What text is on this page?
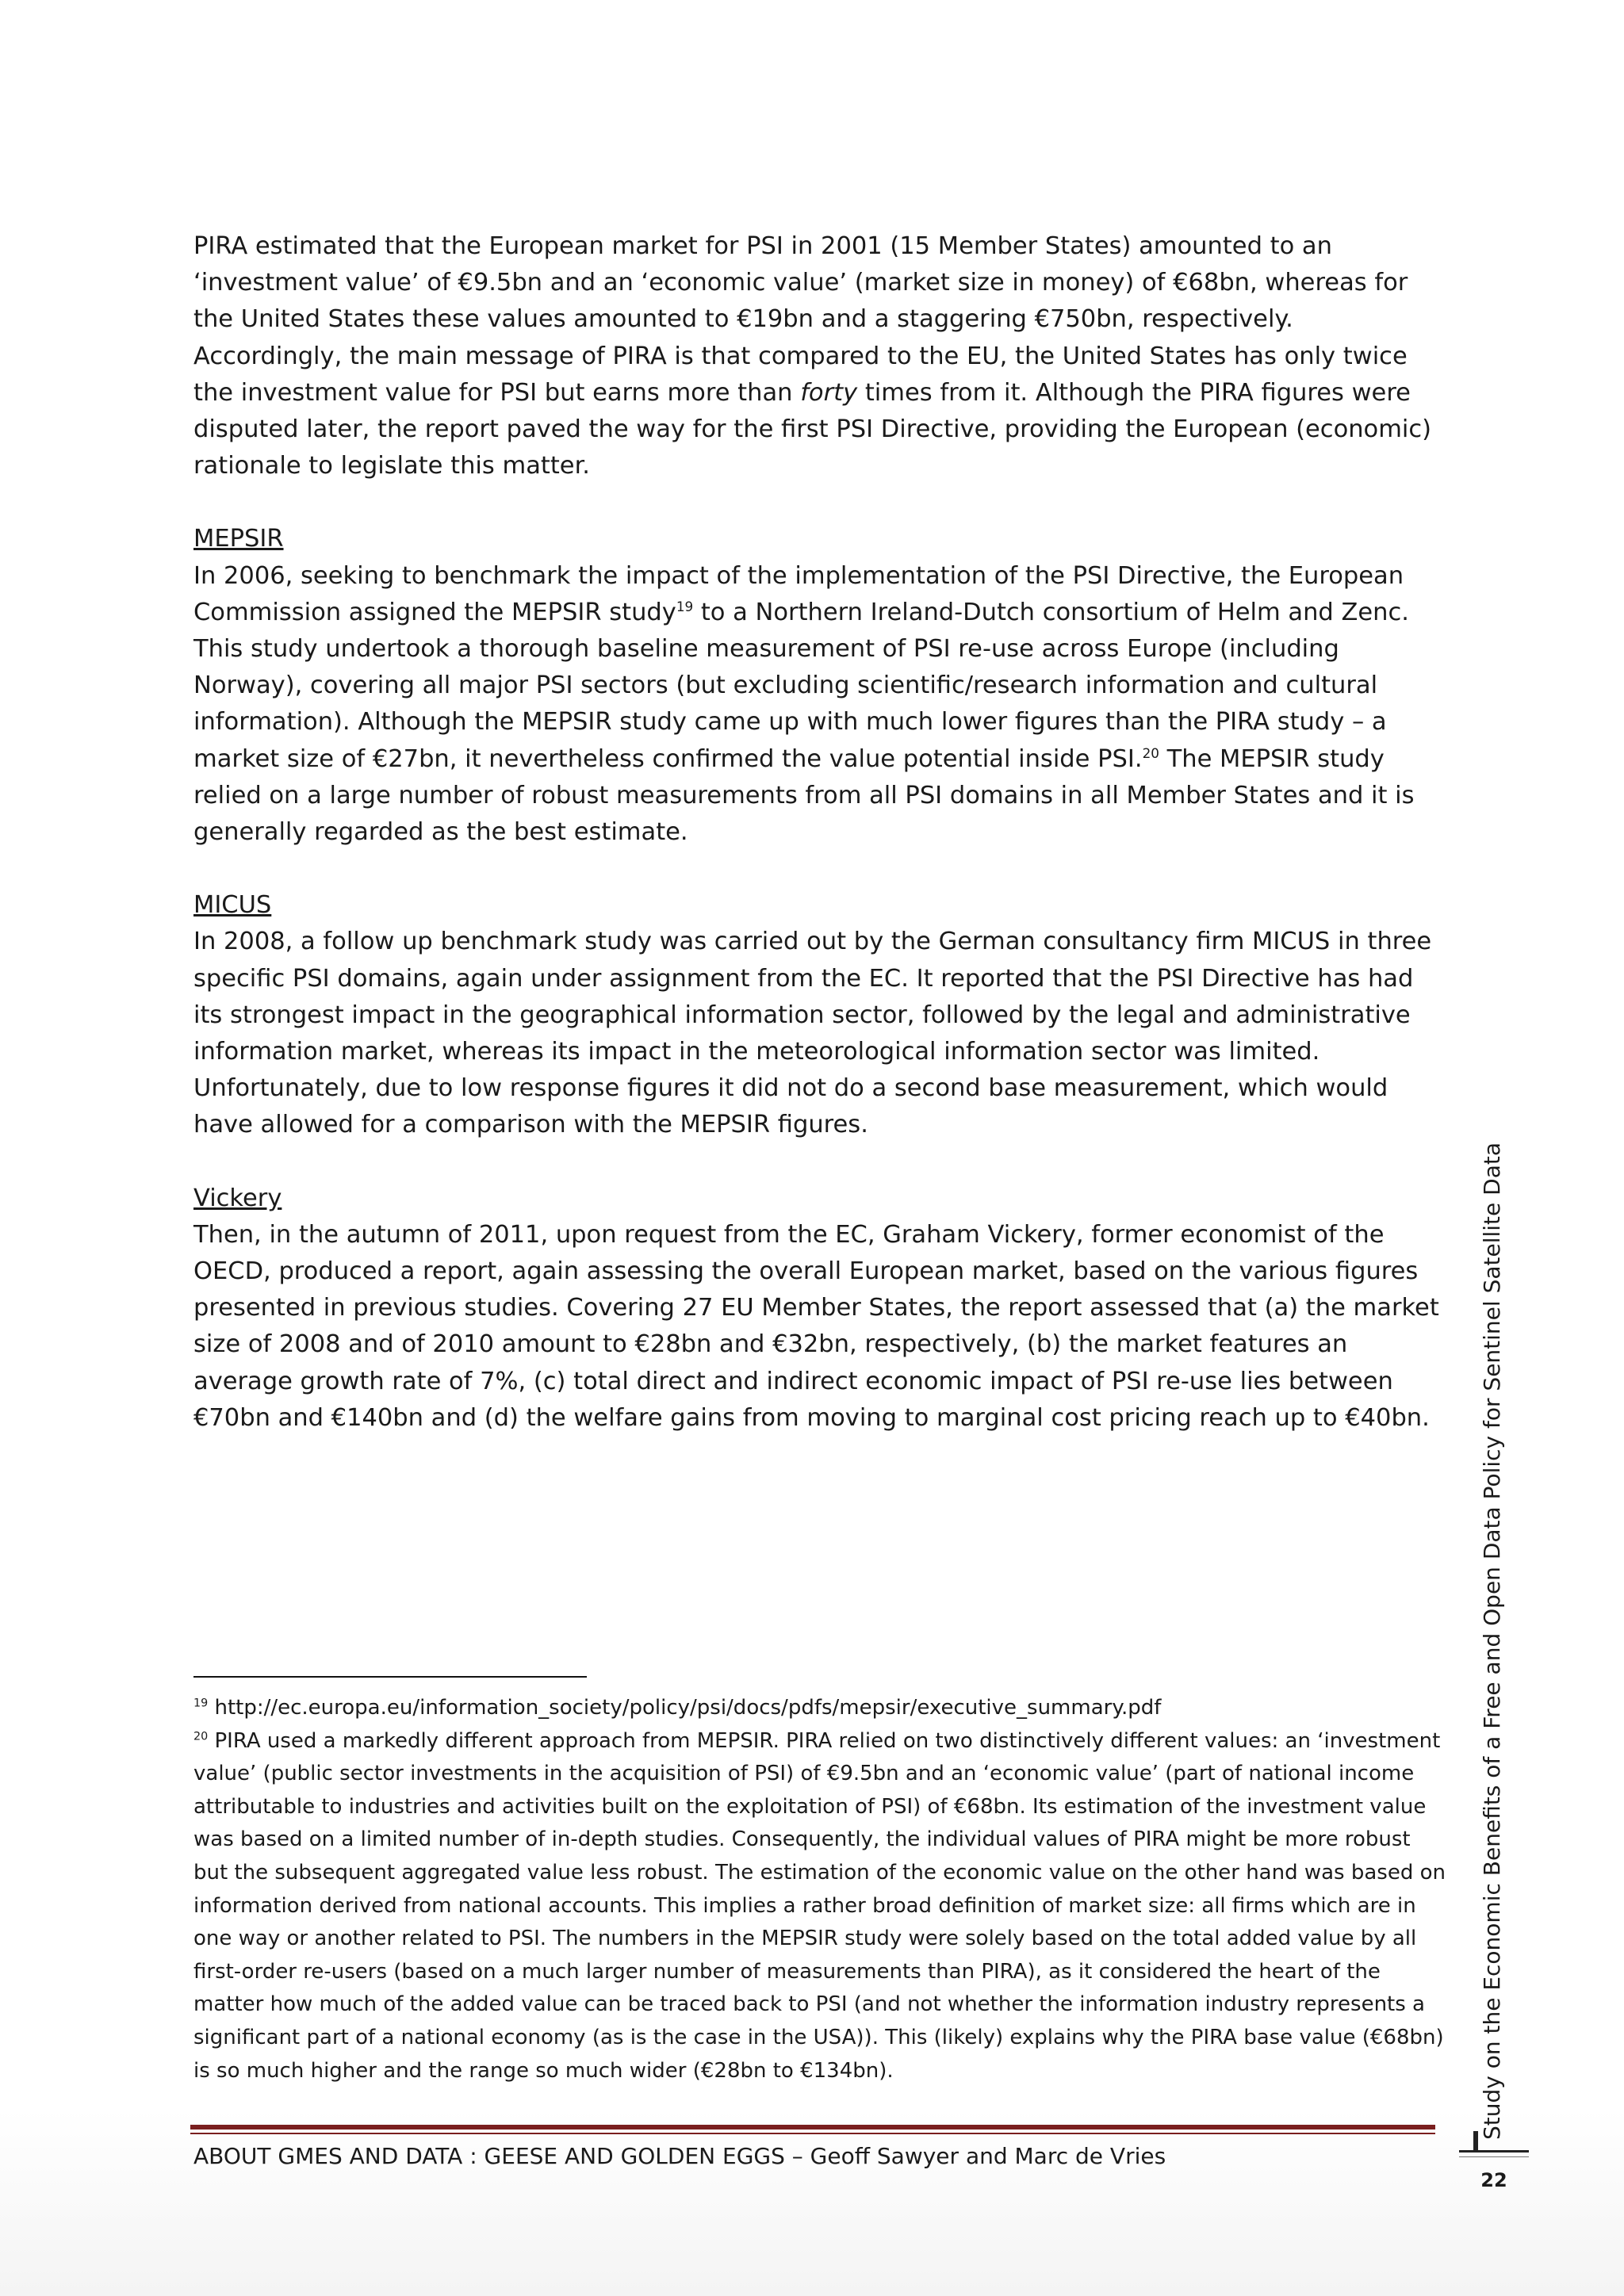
PIRA estimated that the European market for PSI in 2001 (15 Member States) amounted to an ‘investment value’ of €9.5bn and an ‘economic value’ (market size in money) of €68bn, whereas for the United States these values amounted to €19bn and a staggering €750bn, respectively. Accordingly, the main message of PIRA is that compared to the EU, the United States has only twice the investment value for PSI but earns more than forty times from it. Although the PIRA figures were disputed later, the report paved the way for the first PSI Directive, providing the European (economic) rationale to legislate this matter.

MEPSIR

In 2006, seeking to benchmark the impact of the implementation of the PSI Directive, the European Commission assigned the MEPSIR study$^{19}$ to a Northern Ireland-Dutch consortium of Helm and Zenc. This study undertook a thorough baseline measurement of PSI re-use across Europe (including Norway), covering all major PSI sectors (but excluding scientific/research information and cultural information). Although the MEPSIR study came up with much lower figures than the PIRA study – a market size of €27bn, it nevertheless confirmed the value potential inside PSI.$^{20}$ The MEPSIR study relied on a large number of robust measurements from all PSI domains in all Member States and it is generally regarded as the best estimate.

MICUS

In 2008, a follow up benchmark study was carried out by the German consultancy firm MICUS in three specific PSI domains, again under assignment from the EC. It reported that the PSI Directive has had its strongest impact in the geographical information sector, followed by the legal and administrative information market, whereas its impact in the meteorological information sector was limited. Unfortunately, due to low response figures it did not do a second base measurement, which would have allowed for a comparison with the MEPSIR figures.

Vickery

Then, in the autumn of 2011, upon request from the EC, Graham Vickery, former economist of the OECD, produced a report, again assessing the overall European market, based on the various figures presented in previous studies. Covering 27 EU Member States, the report assessed that (a) the market size of 2008 and of 2010 amount to €28bn and €32bn, respectively, (b) the market features an average growth rate of 7%, (c) total direct and indirect economic impact of PSI re-use lies between €70bn and €140bn and (d) the welfare gains from moving to marginal cost pricing reach up to €40bn.

$^{19}$ http://ec.europa.eu/information_society/policy/psi/docs/pdfs/mepsir/executive_summary.pdf

$^{20}$ PIRA used a markedly different approach from MEPSIR. PIRA relied on two distinctively different values: an ‘investment value’ (public sector investments in the acquisition of PSI) of €9.5bn and an ‘economic value’ (part of national income attributable to industries and activities built on the exploitation of PSI) of €68bn. Its estimation of the investment value was based on a limited number of in-depth studies. Consequently, the individual values of PIRA might be more robust but the subsequent aggregated value less robust. The estimation of the economic value on the other hand was based on information derived from national accounts. This implies a rather broad definition of market size: all firms which are in one way or another related to PSI. The numbers in the MEPSIR study were solely based on the total added value by all first-order re-users (based on a much larger number of measurements than PIRA), as it considered the heart of the matter how much of the added value can be traced back to PSI (and not whether the information industry represents a significant part of a national economy (as is the case in the USA)). This (likely) explains why the PIRA base value (€68bn) is so much higher and the range so much wider (€28bn to €134bn).

ABOUT GMES AND DATA : GEESE AND GOLDEN EGGS – Geoff Sawyer and Marc de Vries
Study on the Economic Benefits of a Free and Open Data Policy for Sentinel Satellite Data
22
